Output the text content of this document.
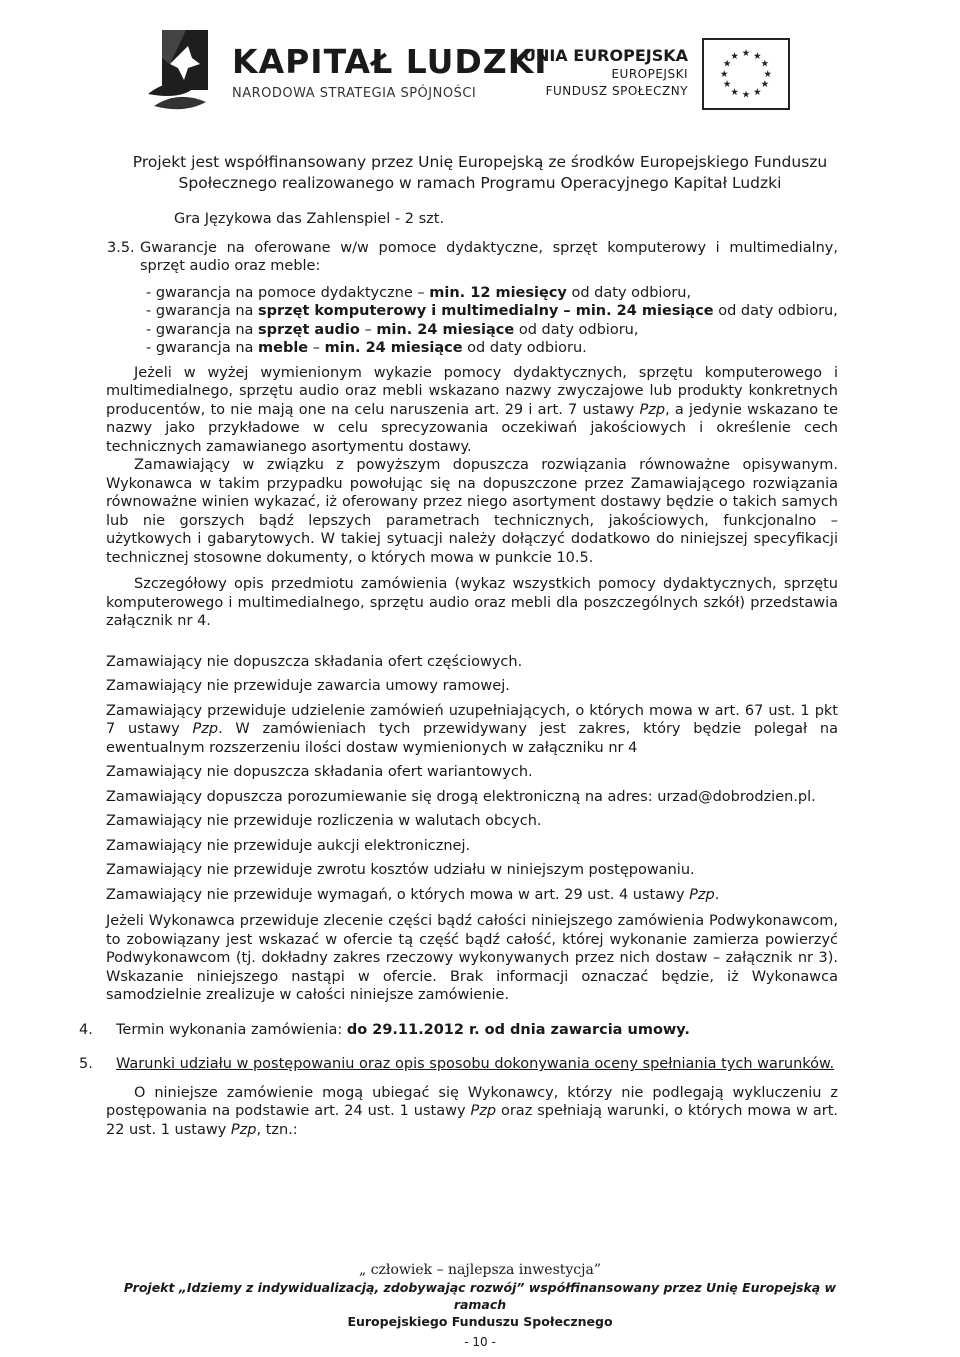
KAPITAŁ LUDZKI
NARODOWA STRATEGIA SPÓJNOŚCI
UNIA EUROPEJSKA
EUROPEJSKI
FUNDUSZ SPOŁECZNY
★ ★
★
★
★
★
★
★
★
★
★
★

Projekt jest współfinansowany przez Unię Europejską ze środków Europejskiego Funduszu

Społecznego realizowanego w ramach Programu Operacyjnego Kapitał Ludzki

Gra Językowa das Zahlenspiel - 2 szt.

3.5. Gwarancje na oferowane w/w pomoce dydaktyczne, sprzęt komputerowy i multimedialny, sprzęt audio oraz meble:

- gwarancja na pomoce dydaktyczne – min. 12 miesięcy od daty odbioru,

- gwarancja na sprzęt komputerowy i multimedialny – min. 24 miesiące od daty odbioru,

- gwarancja na sprzęt audio – min. 24 miesiące od daty odbioru,

- gwarancja na meble – min. 24 miesiące od daty odbioru.

Jeżeli w wyżej wymienionym wykazie pomocy dydaktycznych, sprzętu komputerowego i multimedialnego, sprzętu audio oraz mebli wskazano nazwy zwyczajowe lub produkty konkretnych producentów, to nie mają one na celu naruszenia art. 29 i art. 7 ustawy Pzp, a jedynie wskazano te nazwy jako przykładowe w celu sprecyzowania oczekiwań jakościowych i określenie cech technicznych zamawianego asortymentu dostawy.

Zamawiający w związku z powyższym dopuszcza rozwiązania równoważne opisywanym. Wykonawca w takim przypadku powołując się na dopuszczone przez Zamawiającego rozwiązania równoważne winien wykazać, iż oferowany przez niego asortyment dostawy będzie o takich samych lub nie gorszych bądź lepszych parametrach technicznych, jakościowych, funkcjonalno – użytkowych i gabarytowych. W takiej sytuacji należy dołączyć dodatkowo do niniejszej specyfikacji technicznej stosowne dokumenty, o których mowa w punkcie 10.5.

Szczegółowy opis przedmiotu zamówienia (wykaz wszystkich pomocy dydaktycznych, sprzętu komputerowego i multimedialnego, sprzętu audio oraz mebli dla poszczególnych szkół) przedstawia załącznik nr 4.

Zamawiający nie dopuszcza składania ofert częściowych.

Zamawiający nie przewiduje zawarcia umowy ramowej.

Zamawiający przewiduje udzielenie zamówień uzupełniających, o których mowa w art. 67 ust. 1 pkt 7 ustawy Pzp. W zamówieniach tych przewidywany jest zakres, który będzie polegał na ewentualnym rozszerzeniu ilości dostaw wymienionych w załączniku nr 4

Zamawiający nie dopuszcza składania ofert wariantowych.

Zamawiający dopuszcza porozumiewanie się drogą elektroniczną na adres: urzad@dobrodzien.pl.

Zamawiający nie przewiduje rozliczenia w walutach obcych.

Zamawiający nie przewiduje aukcji elektronicznej.

Zamawiający nie przewiduje zwrotu kosztów udziału w niniejszym postępowaniu.

Zamawiający nie przewiduje wymagań, o których mowa w art. 29 ust. 4 ustawy Pzp.

Jeżeli Wykonawca przewiduje zlecenie części bądź całości niniejszego zamówienia Podwykonawcom, to zobowiązany jest wskazać w ofercie tą część bądź całość, której wykonanie zamierza powierzyć Podwykonawcom (tj. dokładny zakres rzeczowy wykonywanych przez nich dostaw – załącznik nr 3). Wskazanie niniejszego nastąpi w ofercie. Brak informacji oznaczać będzie, iż Wykonawca samodzielnie zrealizuje w całości niniejsze zamówienie.

4. Termin wykonania zamówienia: do 29.11.2012 r. od dnia zawarcia umowy.

5. Warunki udziału w postępowaniu oraz opis sposobu dokonywania oceny spełniania tych warunków.

O niniejsze zamówienie mogą ubiegać się Wykonawcy, którzy nie podlegają wykluczeniu z postępowania na podstawie art. 24 ust. 1 ustawy Pzp oraz spełniają warunki, o których mowa w art. 22 ust. 1 ustawy Pzp, tzn.:

„ człowiek – najlepsza inwestycja”
Projekt „Idziemy z indywidualizacją, zdobywając rozwój” współfinansowany przez Unię Europejską w ramach
Europejskiego Funduszu Społecznego
- 10 -
